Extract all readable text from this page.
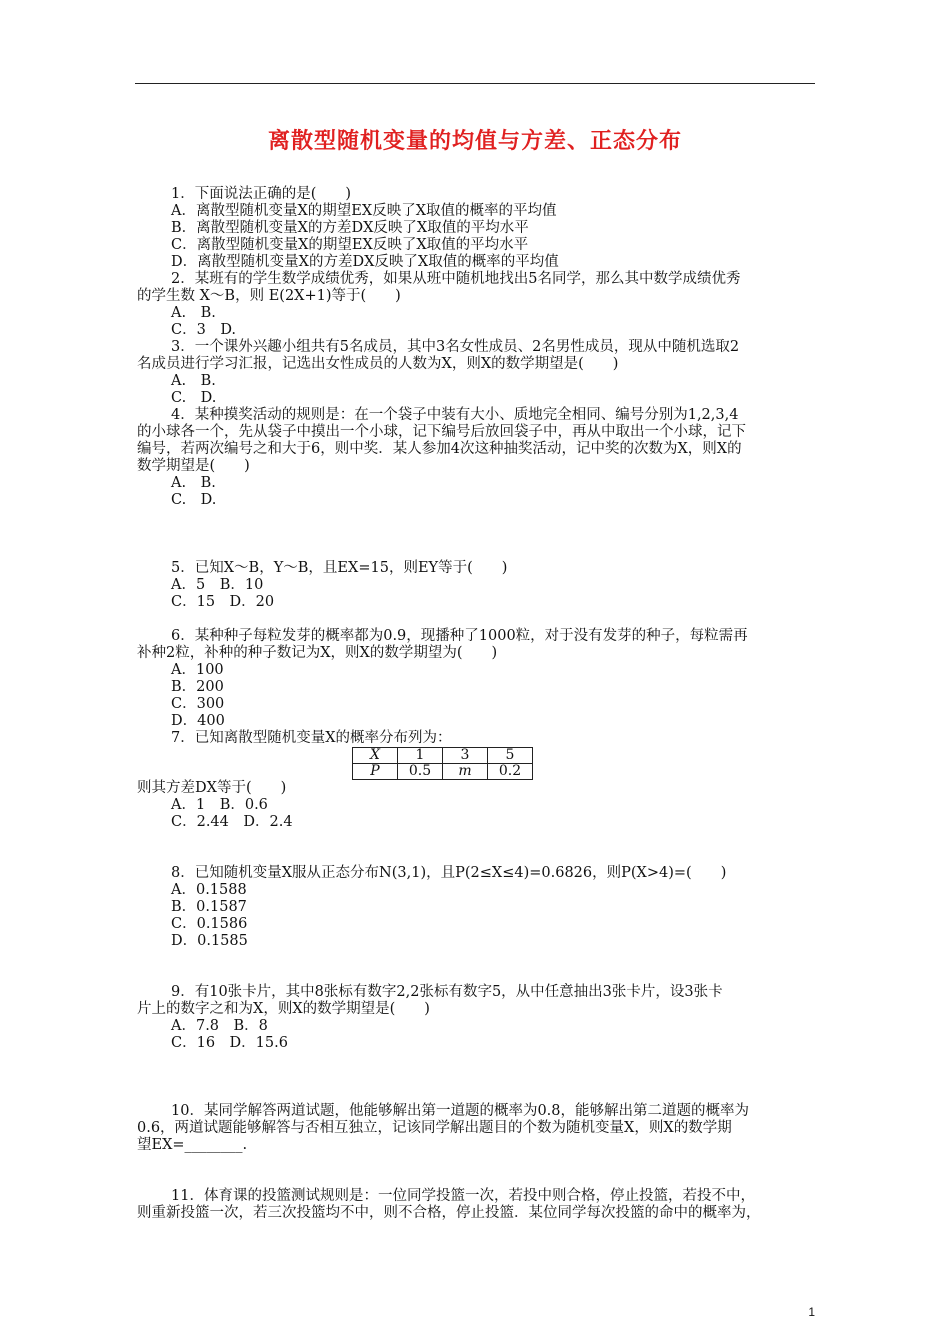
离散型随机变量的均值与方差、正态分布
1．下面说法正确的是(　　)
A．离散型随机变量X的期望EX反映了X取值的概率的平均值
B．离散型随机变量X的方差DX反映了X取值的平均水平
C．离散型随机变量X的期望EX反映了X取值的平均水平
D．离散型随机变量X的方差DX反映了X取值的概率的平均值
2．某班有的学生数学成绩优秀，如果从班中随机地找出5名同学，那么其中数学成绩优秀
的学生数 X～B，则 E(2X+1)等于(　　)
A.　B.
C．3　D.
3．一个课外兴趣小组共有5名成员，其中3名女性成员、2名男性成员，现从中随机选取2
名成员进行学习汇报，记选出女性成员的人数为X，则X的数学期望是(　　)
A.　B.
C.　D.
4．某种摸奖活动的规则是：在一个袋子中装有大小、质地完全相同、编号分别为1,2,3,4
的小球各一个，先从袋子中摸出一个小球，记下编号后放回袋子中，再从中取出一个小球，记下
编号，若两次编号之和大于6，则中奖．某人参加4次这种抽奖活动，记中奖的次数为X，则X的
数学期望是(　　)
A.　B.
C.　D.
5．已知X～B，Y～B，且EX=15，则EY等于(　　)
A．5　B．10
C．15　D．20
6．某种种子每粒发芽的概率都为0.9，现播种了1000粒，对于没有发芽的种子，每粒需再
补种2粒，补种的种子数记为X，则X的数学期望为(　　)
A．100
B．200
C．300
D．400
7．已知离散型随机变量X的概率分布列为：
X	1	3	5
P	0.5	m	0.2
则其方差DX等于(　　)
A．1　B．0.6
C．2.44　D．2.4
8．已知随机变量X服从正态分布N(3,1)，且P(2≤X≤4)=0.6826，则P(X>4)=(　　)
A．0.1588
B．0.1587
C．0.1586
D．0.1585
9．有10张卡片，其中8张标有数字2,2张标有数字5，从中任意抽出3张卡片，设3张卡
片上的数字之和为X，则X的数学期望是(　　)
A．7.8　B．8
C．16　D．15.6
10．某同学解答两道试题，他能够解出第一道题的概率为0.8，能够解出第二道题的概率为
0.6，两道试题能够解答与否相互独立，记该同学解出题目的个数为随机变量X，则X的数学期
望EX=________.
11．体育课的投篮测试规则是：一位同学投篮一次，若投中则合格，停止投篮，若投不中，
则重新投篮一次，若三次投篮均不中，则不合格，停止投篮．某位同学每次投篮的命中的概率为，
1
